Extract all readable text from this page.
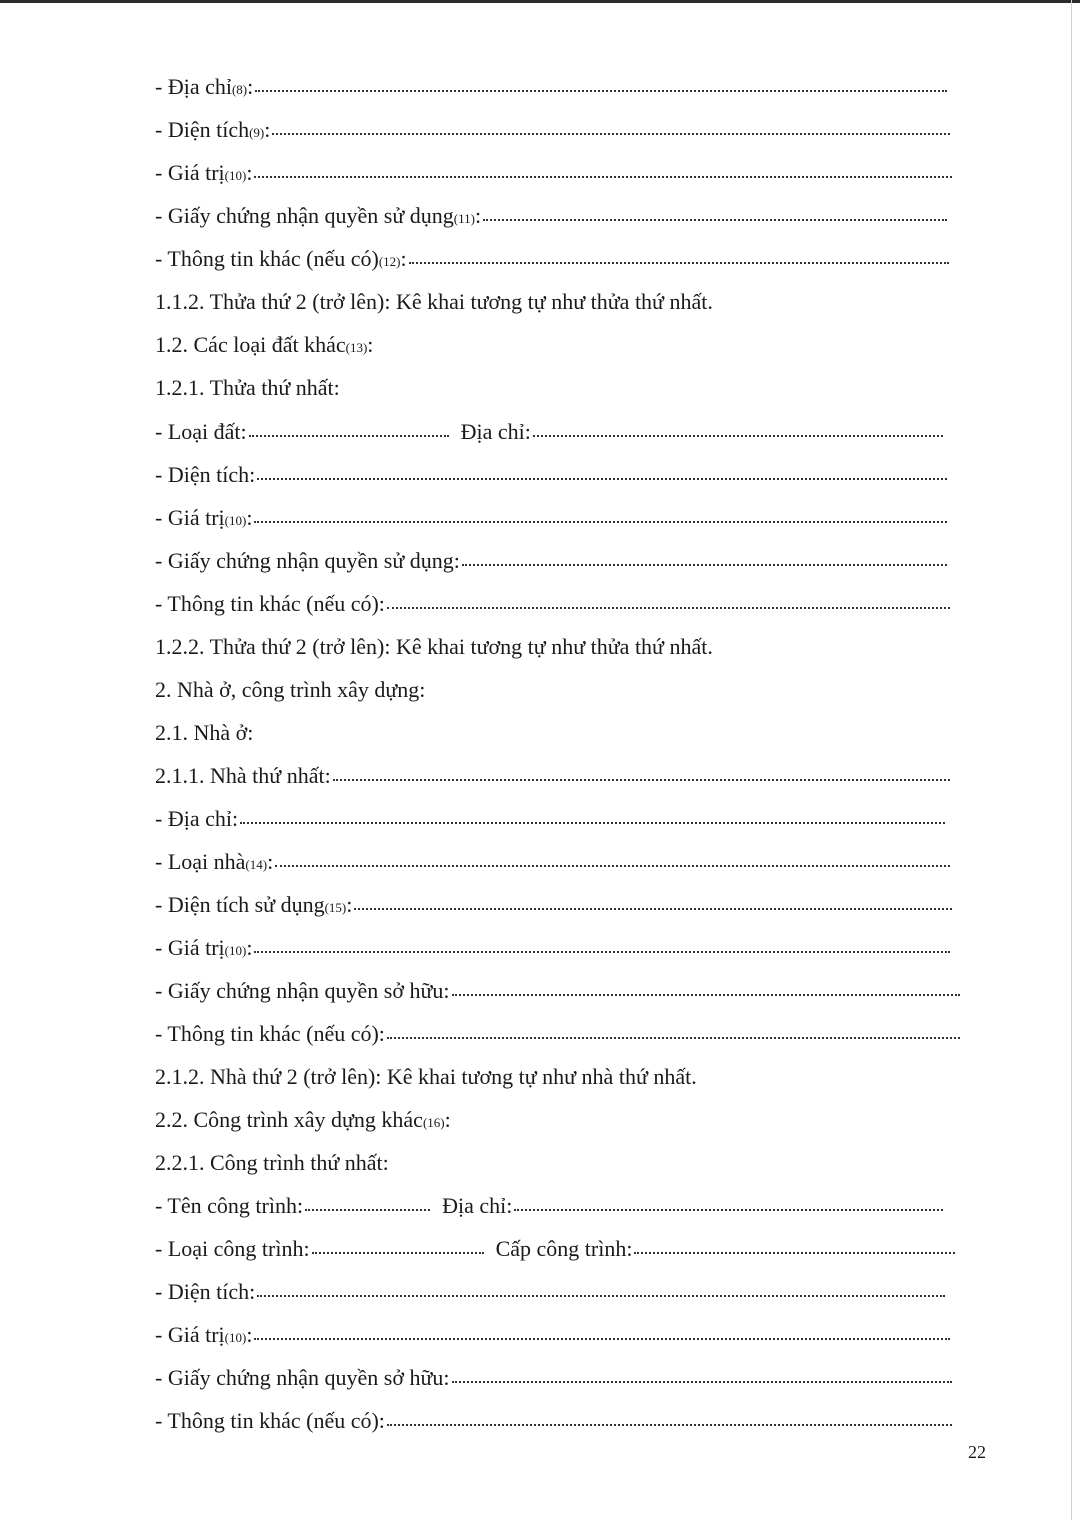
- Địa chỉ (8) :
- Diện tích (9) :
- Giá trị (10) :
- Giấy chứng nhận quyền sử dụng (11) :
- Thông tin khác (nếu có) (12) :
1.1.2. Thửa thứ 2 (trở lên): Kê khai tương tự như thửa thứ nhất.
1.2. Các loại đất khác (13) :
1.2.1. Thửa thứ nhất:
- Loại đất:	Địa chỉ:
- Diện tích:
- Giá trị (10) :
- Giấy chứng nhận quyền sử dụng:
- Thông tin khác (nếu có):
1.2.2. Thửa thứ 2 (trở lên): Kê khai tương tự như thửa thứ nhất.
2. Nhà ở, công trình xây dựng:
2.1. Nhà ở:
2.1.1. Nhà thứ nhất:
- Địa chỉ:
- Loại nhà (14) :
- Diện tích sử dụng (15) :
- Giá trị (10) :
- Giấy chứng nhận quyền sở hữu:
- Thông tin khác (nếu có):
2.1.2. Nhà thứ 2 (trở lên): Kê khai tương tự như nhà thứ nhất.
2.2. Công trình xây dựng khác (16) :
2.2.1. Công trình thứ nhất:
- Tên công trình:	Địa chỉ:
- Loại công trình:	Cấp công trình:
- Diện tích:
- Giá trị (10) :
- Giấy chứng nhận quyền sở hữu:
- Thông tin khác (nếu có):
22
